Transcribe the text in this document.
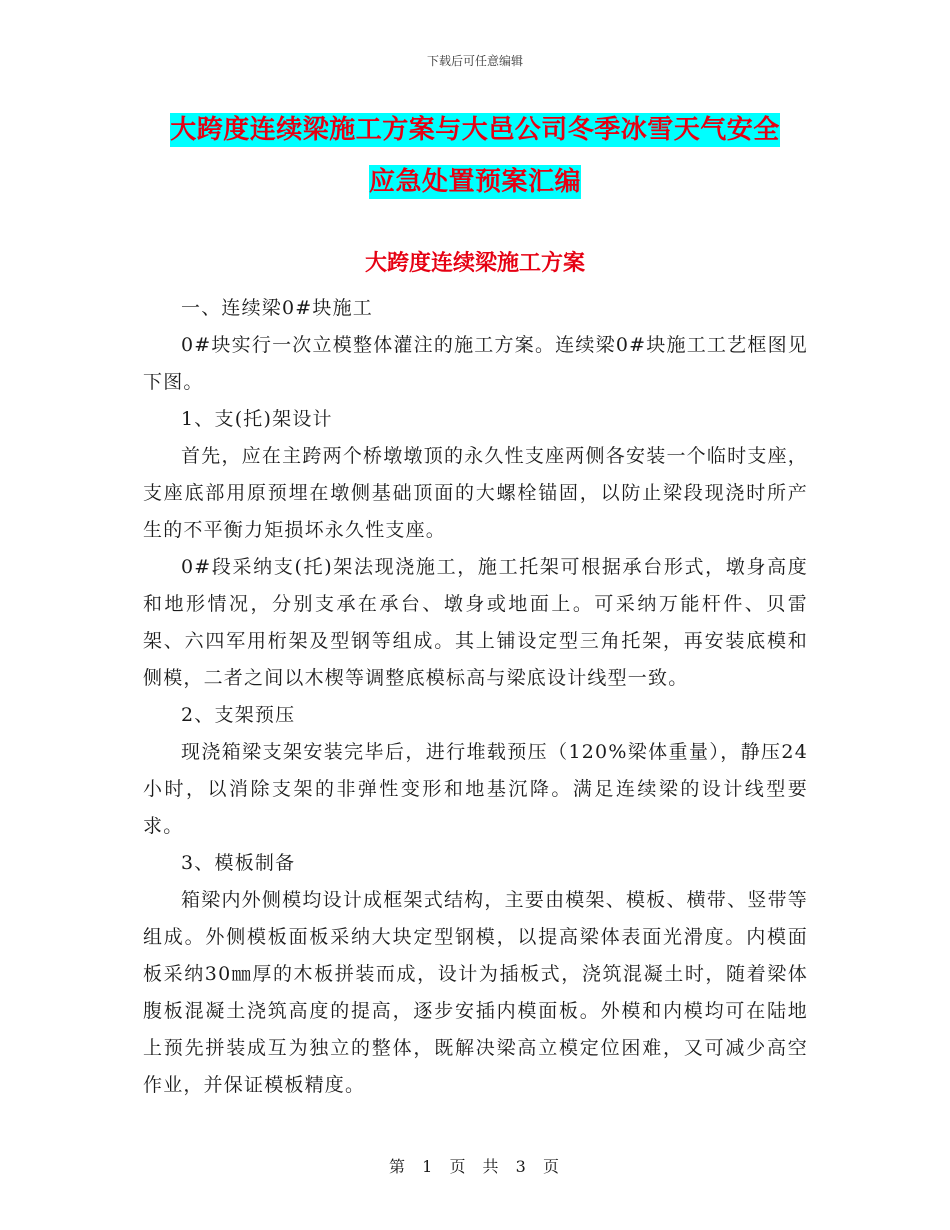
下载后可任意编辑
大跨度连续梁施工方案与大邑公司冬季冰雪天气安全
应急处置预案汇编
大跨度连续梁施工方案

一、连续梁0#块施工

0#块实行一次立模整体灌注的施工方案。连续梁0#块施工工艺框图见下图。

1、支(托)架设计

首先，应在主跨两个桥墩墩顶的永久性支座两侧各安装一个临时支座，支座底部用原预埋在墩侧基础顶面的大螺栓锚固，以防止梁段现浇时所产生的不平衡力矩损坏永久性支座。

0#段采纳支(托)架法现浇施工，施工托架可根据承台形式，墩身高度和地形情况，分别支承在承台、墩身或地面上。可采纳万能杆件、贝雷架、六四军用桁架及型钢等组成。其上铺设定型三角托架，再安装底模和侧模，二者之间以木楔等调整底模标高与梁底设计线型一致。

2、支架预压

现浇箱梁支架安装完毕后，进行堆载预压（120%梁体重量），静压24小时，以消除支架的非弹性变形和地基沉降。满足连续梁的设计线型要求。

3、模板制备

箱梁内外侧模均设计成框架式结构，主要由模架、模板、横带、竖带等组成。外侧模板面板采纳大块定型钢模，以提高梁体表面光滑度。内模面板采纳30㎜厚的木板拼装而成，设计为插板式，浇筑混凝土时，随着梁体腹板混凝土浇筑高度的提高，逐步安插内模面板。外模和内模均可在陆地上预先拼装成互为独立的整体，既解决梁高立模定位困难，又可减少高空作业，并保证模板精度。

第 1 页 共 3 页
